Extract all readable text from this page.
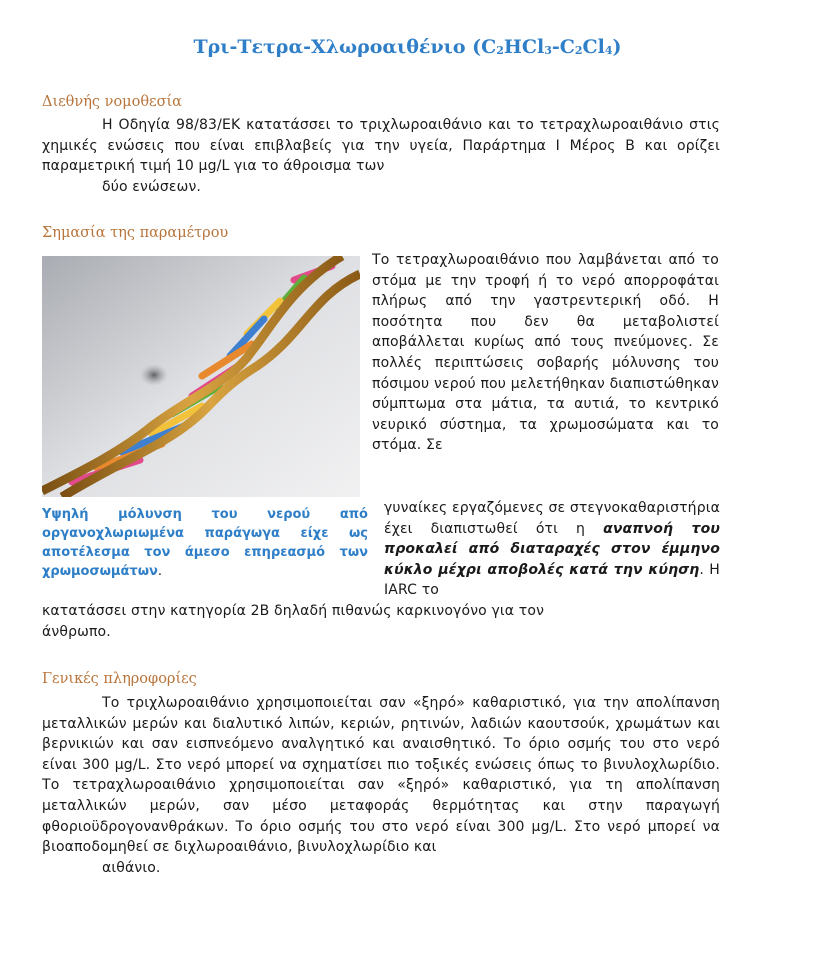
Τρι-Τετρα-Χλωροαιθένιο $(C_2HCl_3-C_2Cl_4)$
Διεθνής νομοθεσία
Η Οδηγία 98/83/ΕΚ κατατάσσει το τριχλωροαιθάνιο και το τετραχλωροαιθάνιο στις χημικές ενώσεις που είναι επιβλαβείς για την υγεία, Παράρτημα Ι Μέρος Β και ορίζει παραμετρική τιμή 10 μg/L για το άθροισμα των
δύο ενώσεων.
Σημασία της παραμέτρου
Το τετραχλωροαιθάνιο που λαμβάνεται από το στόμα με την τροφή ή το νερό απορροφάται πλήρως από την γαστρεντερική οδό. Η ποσότητα που δεν θα μεταβολιστεί αποβάλλεται κυρίως από τους πνεύμονες. Σε πολλές περιπτώσεις σοβαρής μόλυνσης του πόσιμου νερού που μελετήθηκαν διαπιστώθηκαν σύμπτωμα στα μάτια, τα αυτιά, το κεντρικό νευρικό σύστημα, τα χρωμοσώματα και το στόμα. Σε
γυναίκες εργαζόμενες σε στεγνοκαθαριστήρια έχει διαπιστωθεί ότι η αναπνοή του προκαλεί από διαταραχές στον έμμηνο κύκλο μέχρι αποβολές κατά την κύηση. Η IARC το
Υψηλή μόλυνση του νερού από οργανοχλωριωμένα παράγωγα είχε ως αποτέλεσμα τον άμεσο επηρεασμό των χρωμοσωμάτων.
κατατάσσει στην κατηγορία 2Β δηλαδή πιθανώς καρκινογόνο για τον
άνθρωπο.
Γενικές πληροφορίες
Το τριχλωροαιθάνιο χρησιμοποιείται σαν «ξηρό» καθαριστικό, για την απολίπανση μεταλλικών μερών και διαλυτικό λιπών, κεριών, ρητινών, λαδιών καουτσούκ, χρωμάτων και βερνικιών και σαν εισπνεόμενο αναλγητικό και αναισθητικό. Το όριο οσμής του στο νερό είναι 300 μg/L. Στο νερό μπορεί να σχηματίσει πιο τοξικές ενώσεις όπως το βινυλοχλωρίδιο. Το τετραχλωροαιθάνιο χρησιμοποιείται σαν «ξηρό» καθαριστικό, για τη απολίπανση μεταλλικών μερών, σαν μέσο μεταφοράς θερμότητας και στην παραγωγή φθοριοϋδρογονανθράκων. Το όριο οσμής του στο νερό είναι 300 μg/L. Στο νερό μπορεί να βιοαποδομηθεί σε διχλωροαιθάνιο, βινυλοχλωρίδιο και
αιθάνιο.
